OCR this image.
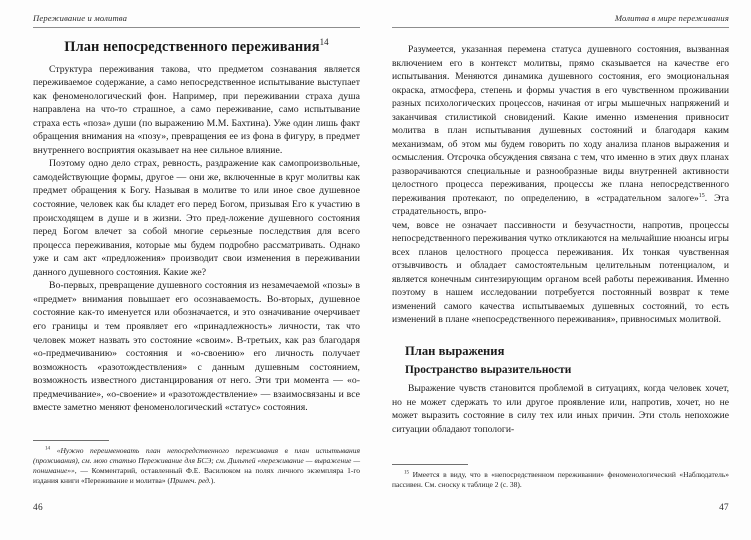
Переживание и молитва
План непосредственного переживания$^{14}$

Структура переживания такова, что предметом сознавания является переживаемое содержание, а само непосредственное испытывание выступает как феноменологический фон. Например, при переживании страха душа направлена на что-то страшное, а само переживание, само испытывание страха есть «поза» души (по выражению М.М. Бахтина). Уже один лишь факт обращения внимания на «позу», превращения ее из фона в фигуру, в предмет внутреннего восприятия оказывает на нее сильное влияние.

Поэтому одно дело страх, ревность, раздражение как самопроизвольные, самодействующие формы, другое — они же, включенные в круг молитвы как предмет обращения к Богу. Называя в молитве то или иное свое душевное состояние, человек как бы кладет его перед Богом, призывая Его к участию в происходящем в душе и в жизни. Это пред-ложение душевного состояния перед Богом влечет за собой многие серьезные последствия для всего процесса переживания, которые мы будем подробно рассматривать. Однако уже и сам акт «предложения» производит свои изменения в переживании данного душевного состояния. Какие же?

Во-первых, превращение душевного состояния из незамечаемой «позы» в «предмет» внимания повышает его осознаваемость. Во-вторых, душевное состояние как-то именуется или обозначается, и это означивание очерчивает его границы и тем проявляет его «принадлежность» личности, так что человек может назвать это состояние «своим». В-третьих, как раз благодаря «о-предмечиванию» состояния и «о-своению» его личность получает возможность «разотождествления» с данным душевным состоянием, возможность известного дистанцирования от него. Эти три момента — «о-предмечивание», «о-своение» и «разотождествление» — взаимосвязаны и все вместе заметно меняют феноменологический «статус» состояния.

$^{14}$ «Нужно переименовать план непосредственного переживания в план испытывания (проживания), см. мою статью Переживание для БСЭ; см. Дильтей «переживание — выражение — понимание»», — Комментарий, оставленный Ф.Е. Василюком на полях личного экземпляра 1-го издания книги «Переживание и молитва» (Примеч. ред.).

46
Молитва в мире переживания

Разумеется, указанная перемена статуса душевного состояния, вызванная включением его в контекст молитвы, прямо сказывается на качестве его испытывания. Меняются динамика душевного состояния, его эмоциональная окраска, атмосфера, степень и формы участия в его чувственном проживании разных психологических процессов, начиная от игры мышечных напряжений и заканчивая стилистикой сновидений. Какие именно изменения привносит молитва в план испытывания душевных состояний и благодаря каким механизмам, об этом мы будем говорить по ходу анализа планов выражения и осмысления. Отсрочка обсуждения связана с тем, что именно в этих двух планах разворачиваются специальные и разнообразные виды внутренней активности целостного процесса переживания, процессы же плана непосредственного переживания протекают, по определению, в «страдательном залоге»$^{15}$. Эта страдательность, впро-

чем, вовсе не означает пассивности и безучастности, напротив, процессы непосредственного переживания чутко откликаются на мельчайшие нюансы игры всех планов целостного процесса переживания. Их тонкая чувственная отзывчивость и обладает самостоятельным целительным потенциалом, и является конечным синтезирующим органом всей работы переживания. Именно поэтому в нашем исследовании потребуется постоянный возврат к теме изменений самого качества испытываемых душевных состояний, то есть изменений в плане «непосредственного переживания», привносимых молитвой.

План выражения
Пространство выразительности

Выражение чувств становится проблемой в ситуациях, когда человек хочет, но не может сдержать то или другое проявление или, напротив, хочет, но не может выразить состояние в силу тех или иных причин. Эти столь непохожие ситуации обладают топологи-

$^{15}$ Имеется в виду, что в «непосредственном переживании» феноменологический «Наблюдатель» пассивен. См. сноску к таблице 2 (с. 38).

47
